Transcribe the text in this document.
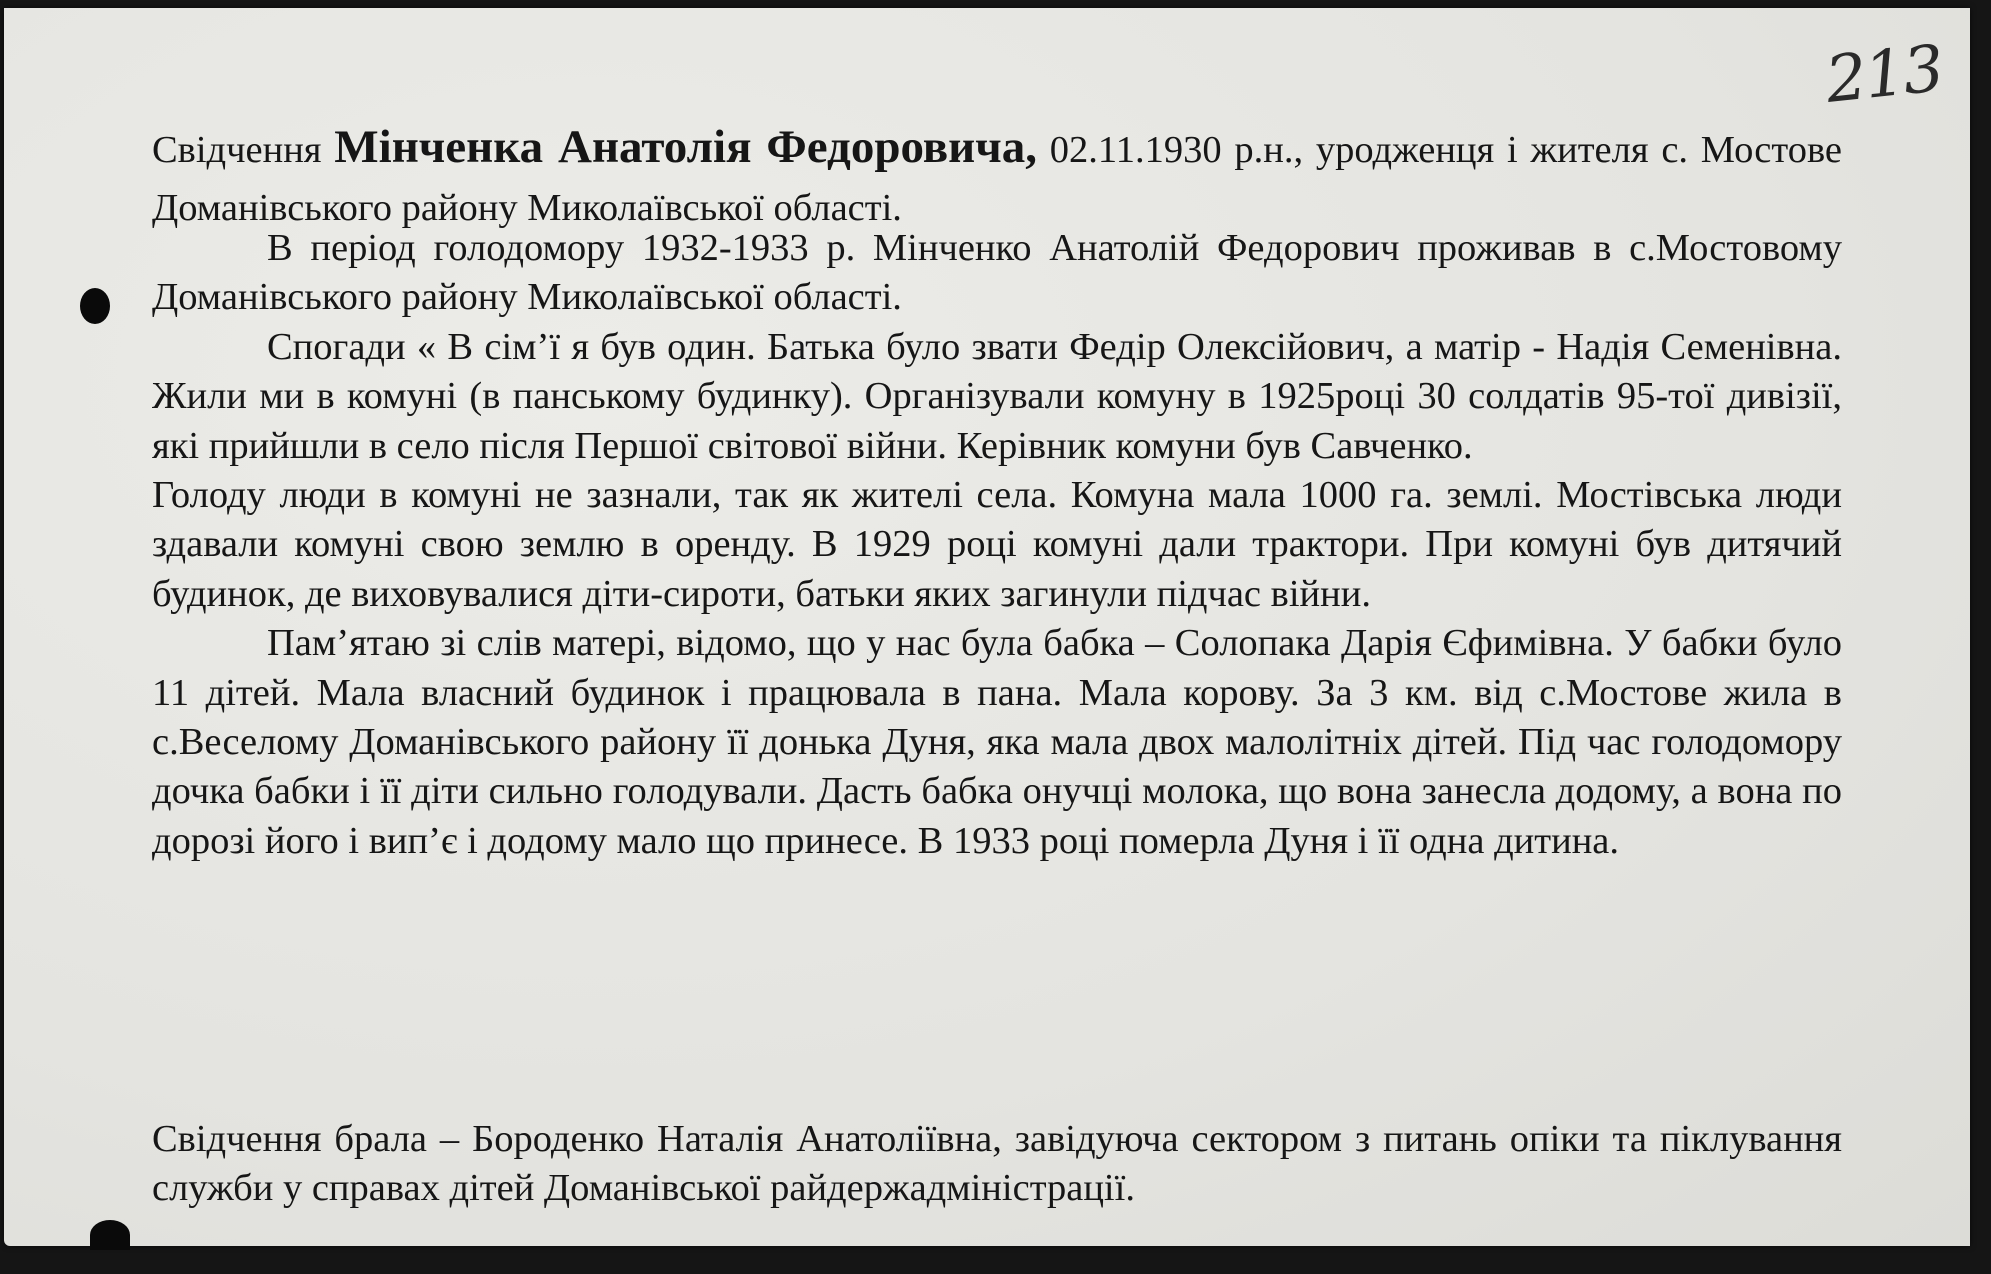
213

Свідчення Мінченка Анатолія Федоровича, 02.11.1930 р.н., уродженця і жителя с. Мостове Доманівського району Миколаївської області.

В період голодомору 1932-1933 р. Мінченко Анатолій Федорович проживав в с.Мостовому Доманівського району Миколаївської області.

Спогади « В сім’ї я був один. Батька було звати Федір Олексійович, а матір - Надія Семенівна. Жили ми в комуні (в панському будинку). Організували комуну в 1925році 30 солдатів 95-тої дивізії, які прийшли в село після Першої світової війни. Керівник комуни був Савченко.

Голоду люди в комуні не зазнали, так як жителі села. Комуна мала 1000 га. землі. Мостівська люди здавали комуні свою землю в оренду. В 1929 році комуні дали трактори. При комуні був дитячий будинок, де виховувалися діти-сироти, батьки яких загинули підчас війни.

Пам’ятаю зі слів матері, відомо, що у нас була бабка – Солопака Дарія Єфимівна. У бабки було 11 дітей. Мала власний будинок і працювала в пана. Мала корову. За 3 км. від с.Мостове жила в с.Веселому Доманівського району її донька Дуня, яка мала двох малолітніх дітей. Під час голодомору дочка бабки і її діти сильно голодували. Дасть бабка онучці молока, що вона занесла додому, а вона по дорозі його і вип’є і додому мало що принесе. В 1933 році померла Дуня і її одна дитина.

Свідчення брала – Бороденко Наталія Анатоліївна, завідуюча сектором з питань опіки та піклування служби у справах дітей Доманівської райдержадміністрації.
